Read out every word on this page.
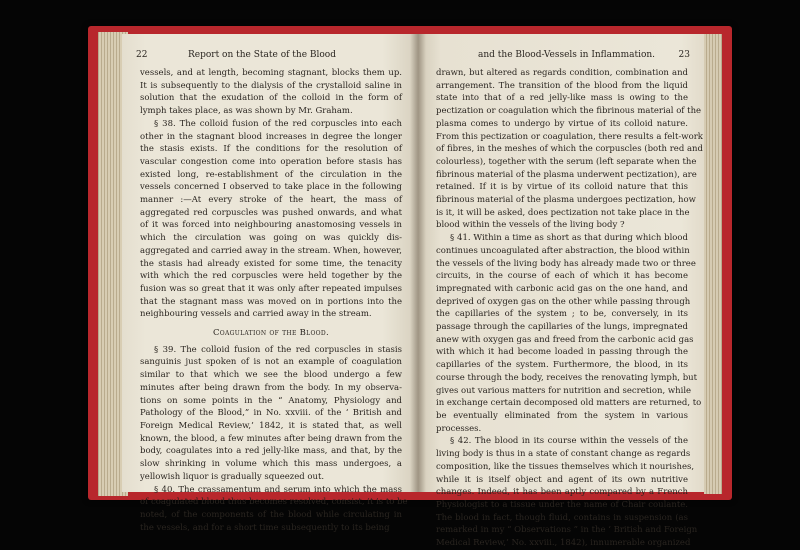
22	Report on the State of the Blood
vessels, and at length, becoming stagnant, blocks them up.
It is subsequently to the dialysis of the crystalloid saline in
solution that the exudation of the colloid in the form of
lymph takes place, as was shown by Mr. Graham.
§ 38. The colloid fusion of the red corpuscles into each
other in the stagnant blood increases in degree the longer
the stasis exists. If the conditions for the resolution of
vascular congestion come into operation before stasis has
existed long, re-establishment of the circulation in the
vessels concerned I observed to take place in the following
manner :—At every stroke of the heart, the mass of
aggregated red corpuscles was pushed onwards, and what
of it was forced into neighbouring anastomosing vessels in
which the circulation was going on was quickly dis-
aggregated and carried away in the stream. When, however,
the stasis had already existed for some time, the tenacity
with which the red corpuscles were held together by the
fusion was so great that it was only after repeated impulses
that the stagnant mass was moved on in portions into the
neighbouring vessels and carried away in the stream.
Coagulation of the Blood.
§ 39. The colloid fusion of the red corpuscles in stasis
sanguinis just spoken of is not an example of coagulation
similar to that which we see the blood undergo a few
minutes after being drawn from the body. In my observa-
tions on some points in the “ Anatomy, Physiology and
Pathology of the Blood,” in No. xxviii. of the ‘ British and
Foreign Medical Review,’ 1842, it is stated that, as well
known, the blood, a few minutes after being drawn from the
body, coagulates into a red jelly-like mass, and that, by the
slow shrinking in volume which this mass undergoes, a
yellowish liquor is gradually squeezed out.
§ 40. The crassamentum and serum into which the mass
of coagulated blood thus becomes resolved, consist, it is to be
noted, of the components of the blood while circulating in
the vessels, and for a short time subsequently to its being
and the Blood-Vessels in Inflammation.	23
drawn, but altered as regards condition, combination and
arrangement. The transition of the blood from the liquid
state into that of a red jelly-like mass is owing to the
pectization or coagulation which the fibrinous material of the
plasma comes to undergo by virtue of its colloid nature.
From this pectization or coagulation, there results a felt-work
of fibres, in the meshes of which the corpuscles (both red and
colourless), together with the serum (left separate when the
fibrinous material of the plasma underwent pectization), are
retained. If it is by virtue of its colloid nature that this
fibrinous material of the plasma undergoes pectization, how
is it, it will be asked, does pectization not take place in the
blood within the vessels of the living body ?
§ 41. Within a time as short as that during which blood
continues uncoagulated after abstraction, the blood within
the vessels of the living body has already made two or three
circuits, in the course of each of which it has become
impregnated with carbonic acid gas on the one hand, and
deprived of oxygen gas on the other while passing through
the capillaries of the system ; to be, conversely, in its
passage through the capillaries of the lungs, impregnated
anew with oxygen gas and freed from the carbonic acid gas
with which it had become loaded in passing through the
capillaries of the system. Furthermore, the blood, in its
course through the body, receives the renovating lymph, but
gives out various matters for nutrition and secretion, while
in exchange certain decomposed old matters are returned, to
be eventually eliminated from the system in various
processes.
§ 42. The blood in its course within the vessels of the
living body is thus in a state of constant change as regards
composition, like the tissues themselves which it nourishes,
while it is itself object and agent of its own nutritive
changes. Indeed, it has been aptly compared by a French
Physiologist to a tissue under the name of Chair coulante.
The blood in fact, though fluid, contains in suspension (as
remarked in my “ Observations ” in the ‘ British and Foreign
Medical Review,’ No. xxviii., 1842), innumerable organized
